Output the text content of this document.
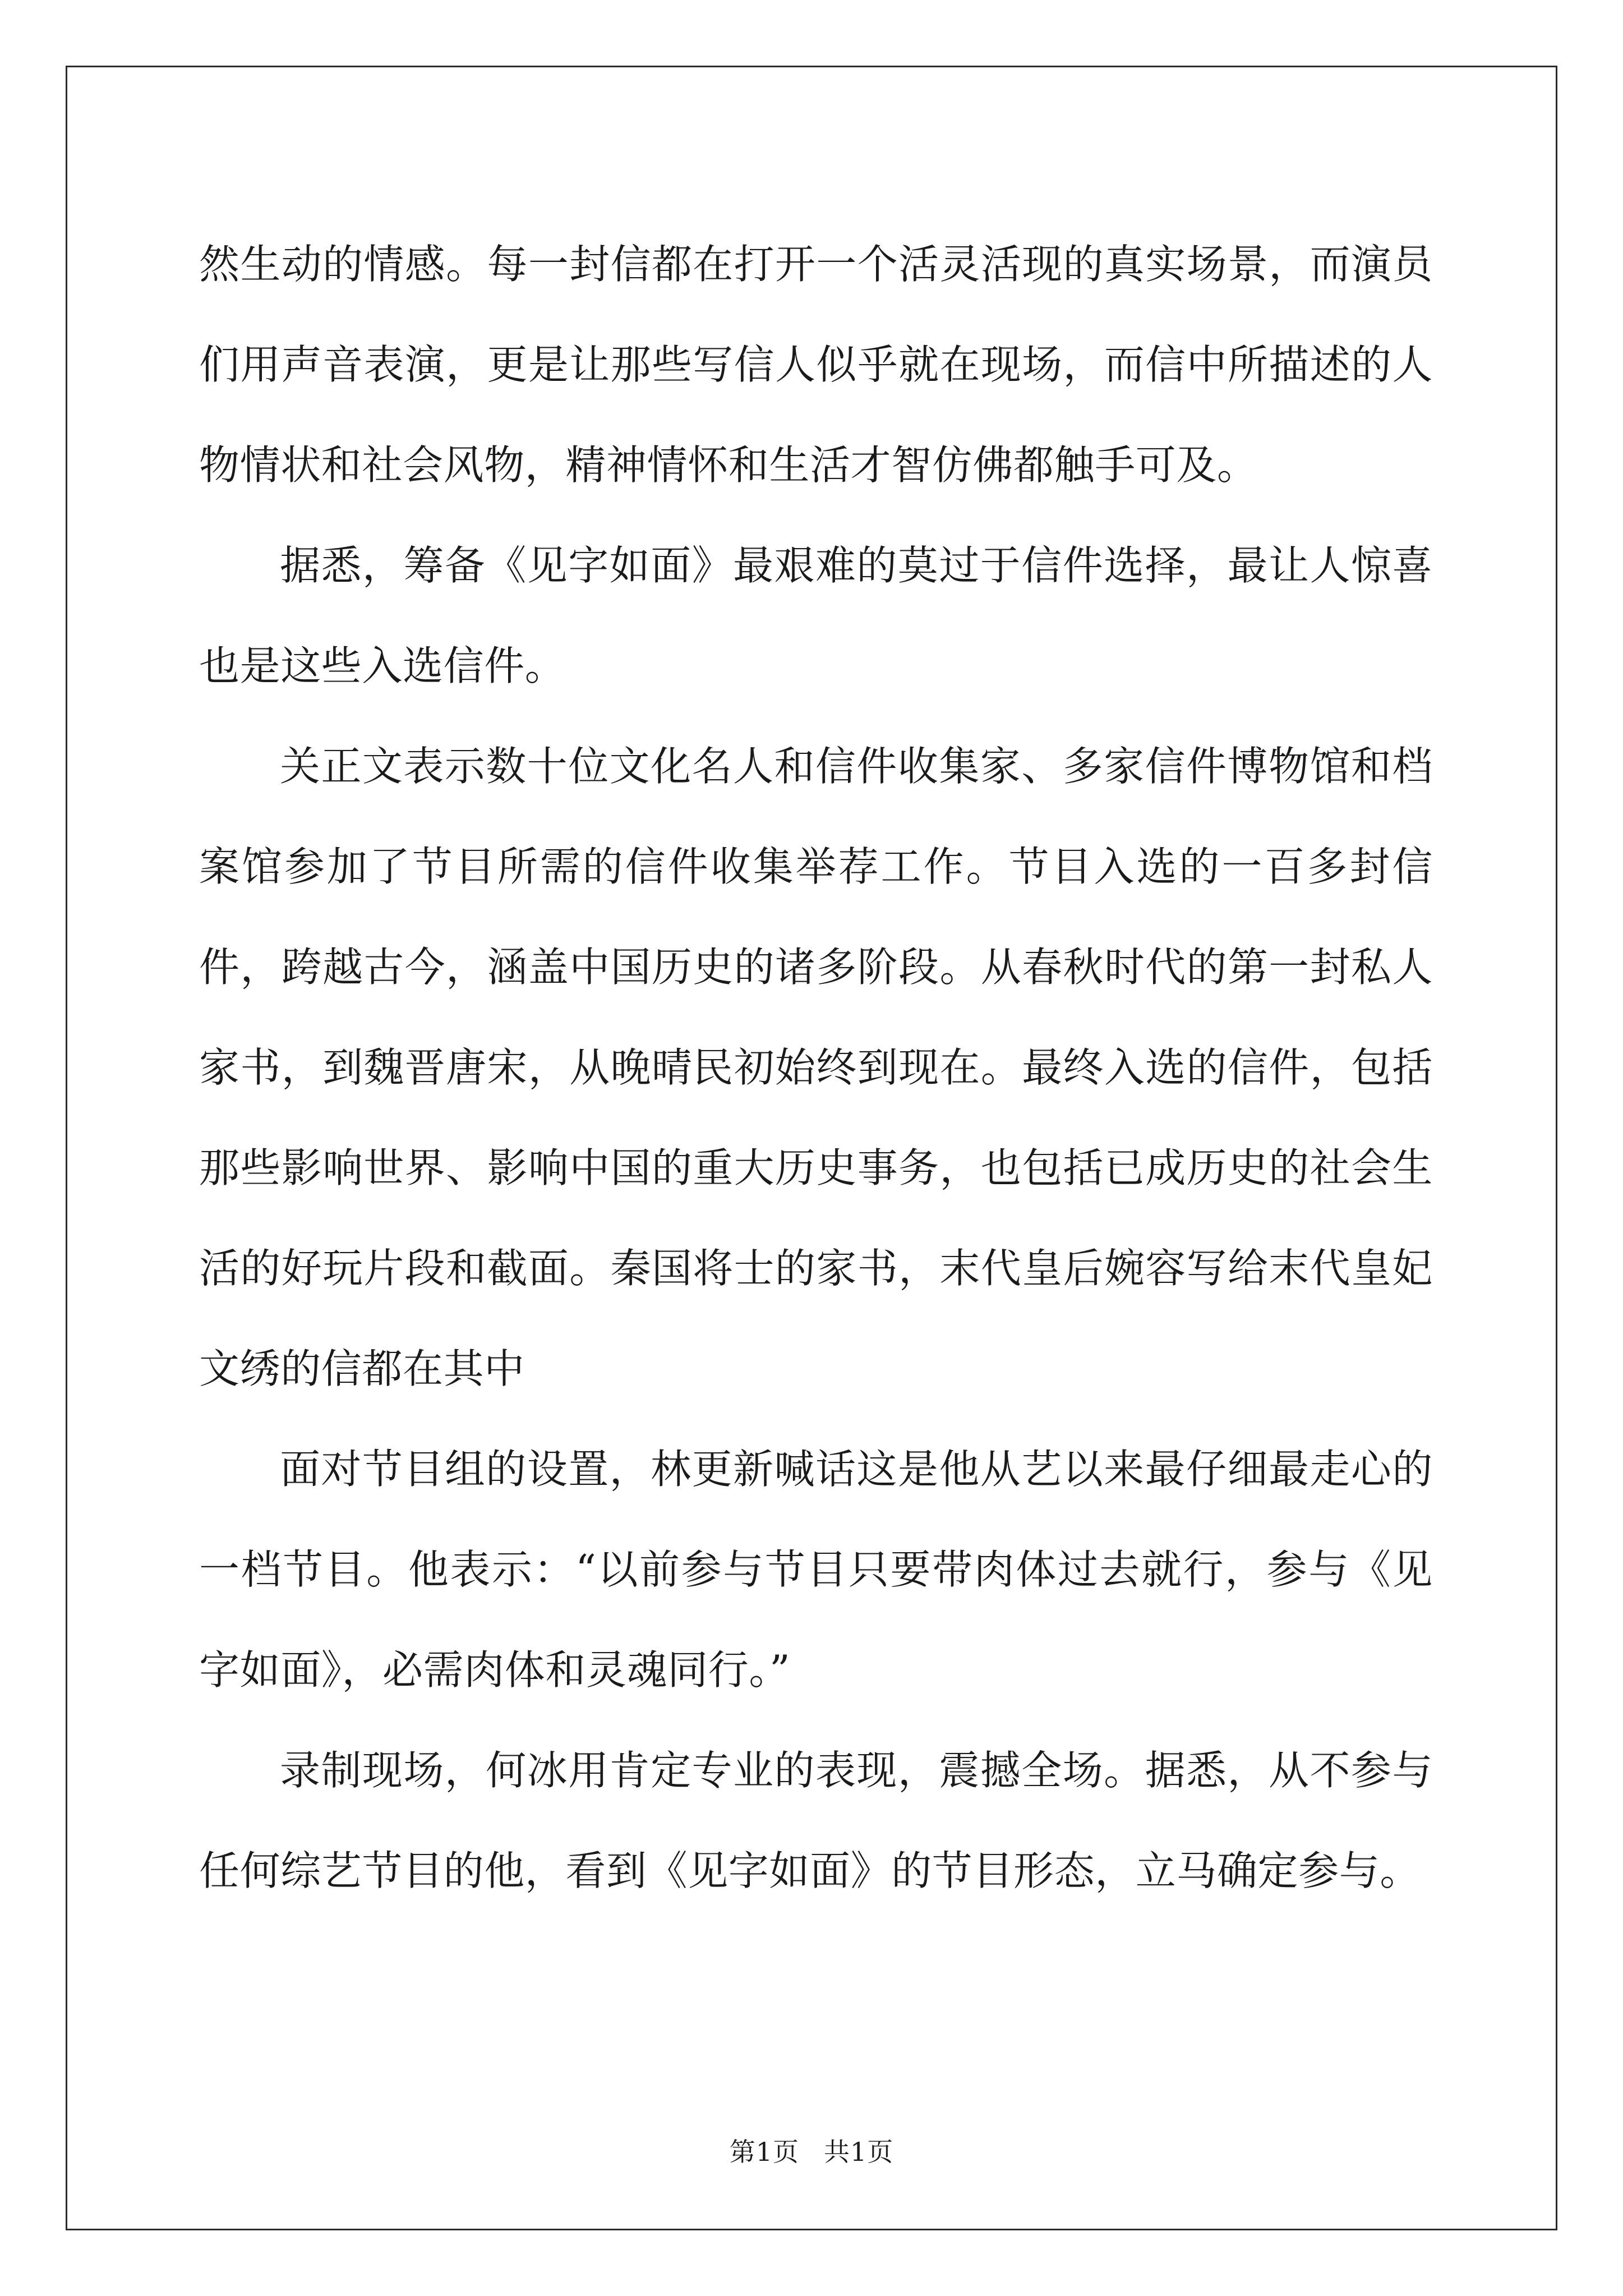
然生动的情感。每一封信都在打开一个活灵活现的真实场景，而演员们用声音表演，更是让那些写信人似乎就在现场，而信中所描述的人物情状和社会风物，精神情怀和生活才智仿佛都触手可及。

据悉，筹备《见字如面》最艰难的莫过于信件选择，最让人惊喜也是这些入选信件。

关正文表示数十位文化名人和信件收集家、多家信件博物馆和档案馆参加了节目所需的信件收集举荐工作。节目入选的一百多封信件，跨越古今，涵盖中国历史的诸多阶段。从春秋时代的第一封私人家书，到魏晋唐宋，从晚晴民初始终到现在。最终入选的信件，包括那些影响世界、影响中国的重大历史事务，也包括已成历史的社会生活的好玩片段和截面。秦国将士的家书，末代皇后婉容写给末代皇妃文绣的信都在其中

面对节目组的设置，林更新喊话这是他从艺以来最仔细最走心的一档节目。他表示：“以前参与节目只要带肉体过去就行，参与《见字如面》，必需肉体和灵魂同行。”

录制现场，何冰用肯定专业的表现，震撼全场。据悉，从不参与任何综艺节目的他，看到《见字如面》的节目形态，立马确定参与。

第1页 共1页
